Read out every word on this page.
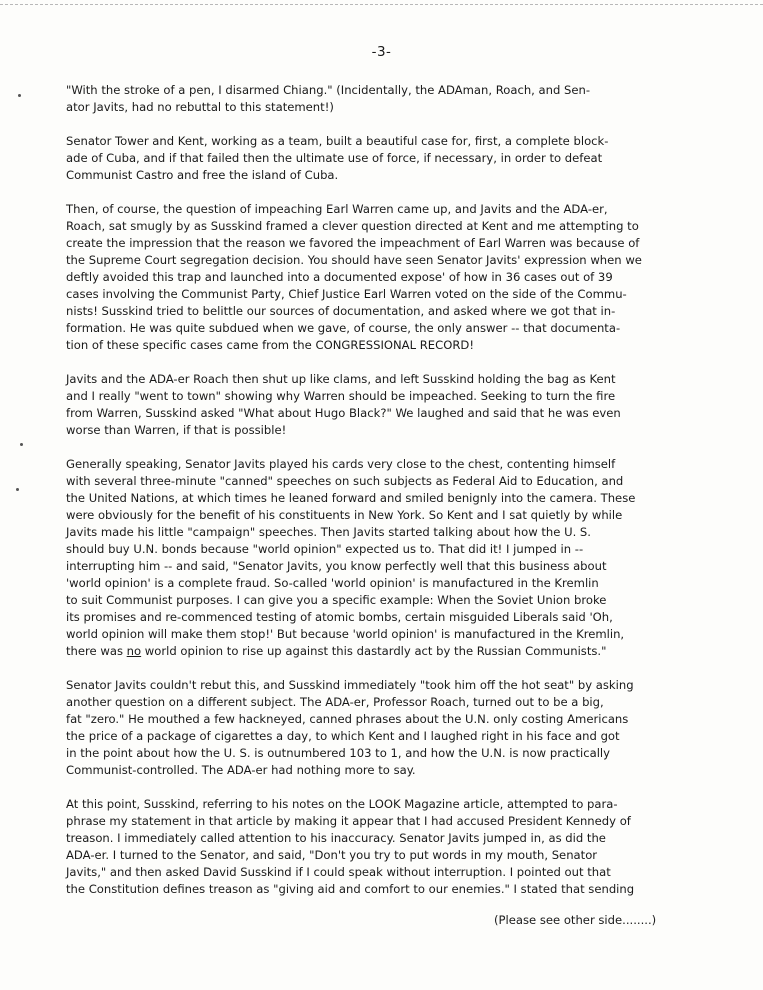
-3-

"With the stroke of a pen, I disarmed Chiang." (Incidentally, the ADAman, Roach, and Sen-
ator Javits, had no rebuttal to this statement!)

Senator Tower and Kent, working as a team, built a beautiful case for, first, a complete block-
ade of Cuba, and if that failed then the ultimate use of force, if necessary, in order to defeat
Communist Castro and free the island of Cuba.

Then, of course, the question of impeaching Earl Warren came up, and Javits and the ADA-er,
Roach, sat smugly by as Susskind framed a clever question directed at Kent and me attempting to
create the impression that the reason we favored the impeachment of Earl Warren was because of
the Supreme Court segregation decision. You should have seen Senator Javits' expression when we
deftly avoided this trap and launched into a documented expose' of how in 36 cases out of 39
cases involving the Communist Party, Chief Justice Earl Warren voted on the side of the Commu-
nists! Susskind tried to belittle our sources of documentation, and asked where we got that in-
formation. He was quite subdued when we gave, of course, the only answer -- that documenta-
tion of these specific cases came from the CONGRESSIONAL RECORD!

Javits and the ADA-er Roach then shut up like clams, and left Susskind holding the bag as Kent
and I really "went to town" showing why Warren should be impeached. Seeking to turn the fire
from Warren, Susskind asked "What about Hugo Black?" We laughed and said that he was even
worse than Warren, if that is possible!

Generally speaking, Senator Javits played his cards very close to the chest, contenting himself
with several three-minute "canned" speeches on such subjects as Federal Aid to Education, and
the United Nations, at which times he leaned forward and smiled benignly into the camera. These
were obviously for the benefit of his constituents in New York. So Kent and I sat quietly by while
Javits made his little "campaign" speeches. Then Javits started talking about how the U. S.
should buy U.N. bonds because "world opinion" expected us to. That did it! I jumped in --
interrupting him -- and said, "Senator Javits, you know perfectly well that this business about
'world opinion' is a complete fraud. So-called 'world opinion' is manufactured in the Kremlin
to suit Communist purposes. I can give you a specific example: When the Soviet Union broke
its promises and re-commenced testing of atomic bombs, certain misguided Liberals said 'Oh,
world opinion will make them stop!' But because 'world opinion' is manufactured in the Kremlin,
there was no world opinion to rise up against this dastardly act by the Russian Communists."

Senator Javits couldn't rebut this, and Susskind immediately "took him off the hot seat" by asking
another question on a different subject. The ADA-er, Professor Roach, turned out to be a big,
fat "zero." He mouthed a few hackneyed, canned phrases about the U.N. only costing Americans
the price of a package of cigarettes a day, to which Kent and I laughed right in his face and got
in the point about how the U. S. is outnumbered 103 to 1, and how the U.N. is now practically
Communist-controlled. The ADA-er had nothing more to say.

At this point, Susskind, referring to his notes on the LOOK Magazine article, attempted to para-
phrase my statement in that article by making it appear that I had accused President Kennedy of
treason. I immediately called attention to his inaccuracy. Senator Javits jumped in, as did the
ADA-er. I turned to the Senator, and said, "Don't you try to put words in my mouth, Senator
Javits," and then asked David Susskind if I could speak without interruption. I pointed out that
the Constitution defines treason as "giving aid and comfort to our enemies." I stated that sending

(Please see other side........)
